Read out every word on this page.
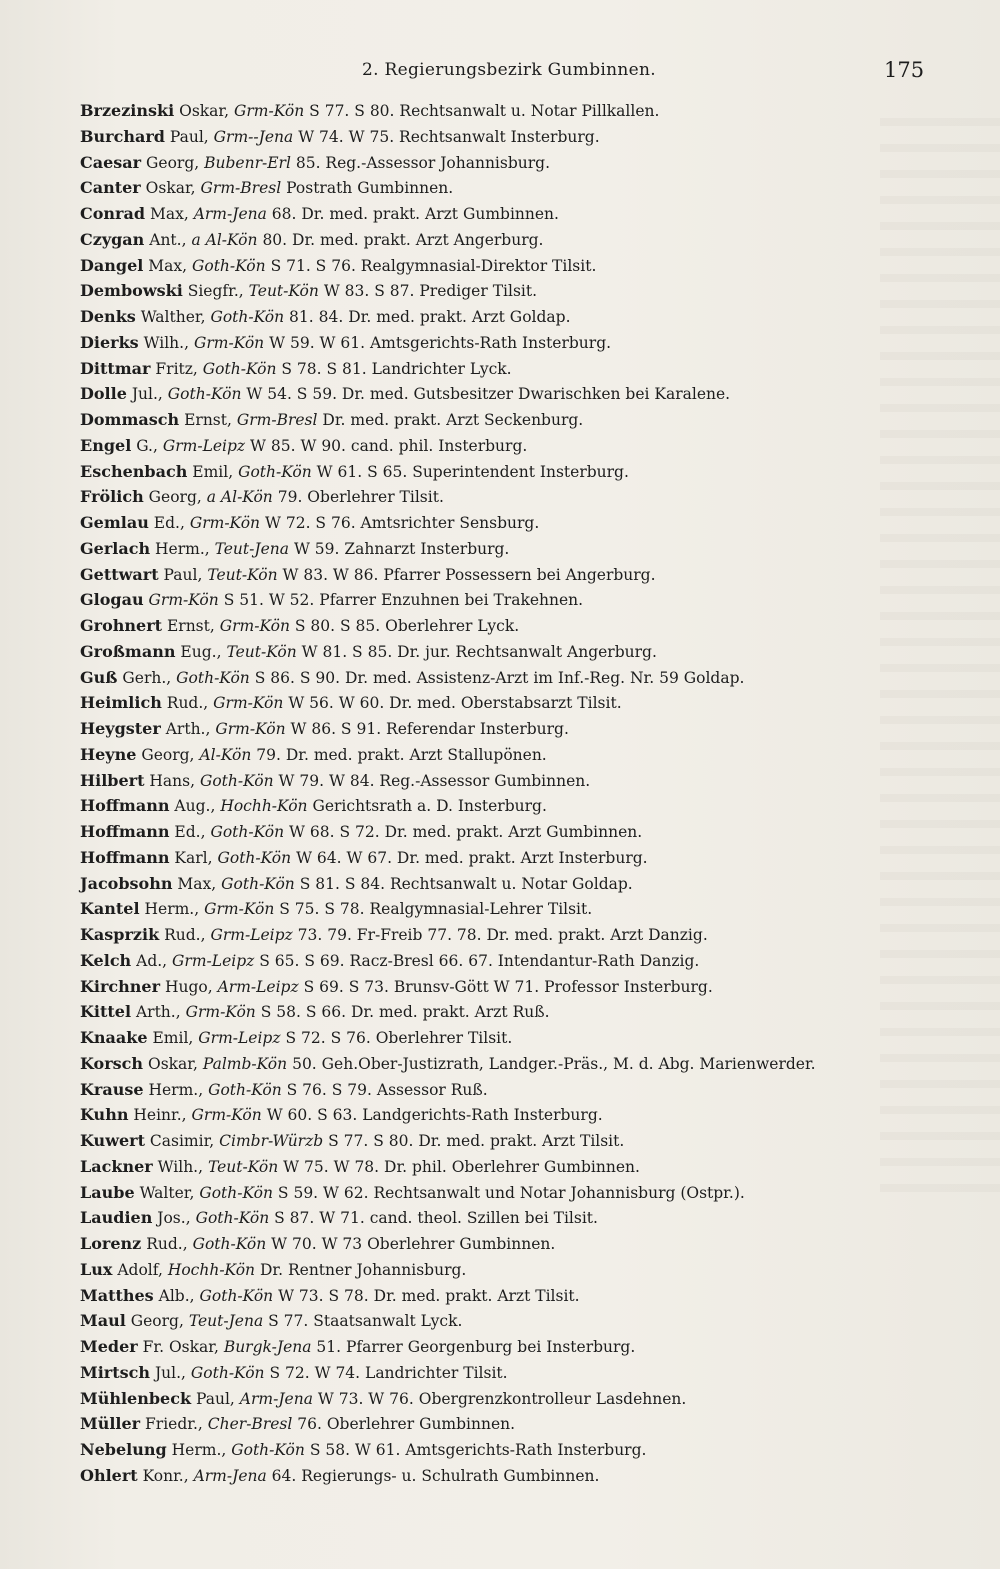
2. Regierungsbezirk Gumbinnen.	175
Brzezinski Oskar, Grm-Kön S 77. S 80. Rechtsanwalt u. Notar Pillkallen.
Burchard Paul, Grm--Jena W 74. W 75. Rechtsanwalt Insterburg.
Caesar Georg, Bubenr-Erl 85. Reg.-Assessor Johannisburg.
Canter Oskar, Grm-Bresl Postrath Gumbinnen.
Conrad Max, Arm-Jena 68. Dr. med. prakt. Arzt Gumbinnen.
Czygan Ant., a Al-Kön 80. Dr. med. prakt. Arzt Angerburg.
Dangel Max, Goth-Kön S 71. S 76. Realgymnasial-Direktor Tilsit.
Dembowski Siegfr., Teut-Kön W 83. S 87. Prediger Tilsit.
Denks Walther, Goth-Kön 81. 84. Dr. med. prakt. Arzt Goldap.
Dierks Wilh., Grm-Kön W 59. W 61. Amtsgerichts-Rath Insterburg.
Dittmar Fritz, Goth-Kön S 78. S 81. Landrichter Lyck.
Dolle Jul., Goth-Kön W 54. S 59. Dr. med. Gutsbesitzer Dwarischken bei Karalene.
Dommasch Ernst, Grm-Bresl Dr. med. prakt. Arzt Seckenburg.
Engel G., Grm-Leipz W 85. W 90. cand. phil. Insterburg.
Eschenbach Emil, Goth-Kön W 61. S 65. Superintendent Insterburg.
Frölich Georg, a Al-Kön 79. Oberlehrer Tilsit.
Gemlau Ed., Grm-Kön W 72. S 76. Amtsrichter Sensburg.
Gerlach Herm., Teut-Jena W 59. Zahnarzt Insterburg.
Gettwart Paul, Teut-Kön W 83. W 86. Pfarrer Possessern bei Angerburg.
Glogau Grm-Kön S 51. W 52. Pfarrer Enzuhnen bei Trakehnen.
Grohnert Ernst, Grm-Kön S 80. S 85. Oberlehrer Lyck.
Großmann Eug., Teut-Kön W 81. S 85. Dr. jur. Rechtsanwalt Angerburg.
Guß Gerh., Goth-Kön S 86. S 90. Dr. med. Assistenz-Arzt im Inf.-Reg. Nr. 59 Goldap.
Heimlich Rud., Grm-Kön W 56. W 60. Dr. med. Oberstabsarzt Tilsit.
Heygster Arth., Grm-Kön W 86. S 91. Referendar Insterburg.
Heyne Georg, Al-Kön 79. Dr. med. prakt. Arzt Stallupönen.
Hilbert Hans, Goth-Kön W 79. W 84. Reg.-Assessor Gumbinnen.
Hoffmann Aug., Hochh-Kön Gerichtsrath a. D. Insterburg.
Hoffmann Ed., Goth-Kön W 68. S 72. Dr. med. prakt. Arzt Gumbinnen.
Hoffmann Karl, Goth-Kön W 64. W 67. Dr. med. prakt. Arzt Insterburg.
Jacobsohn Max, Goth-Kön S 81. S 84. Rechtsanwalt u. Notar Goldap.
Kantel Herm., Grm-Kön S 75. S 78. Realgymnasial-Lehrer Tilsit.
Kasprzik Rud., Grm-Leipz 73. 79. Fr-Freib 77. 78. Dr. med. prakt. Arzt Danzig.
Kelch Ad., Grm-Leipz S 65. S 69. Racz-Bresl 66. 67. Intendantur-Rath Danzig.
Kirchner Hugo, Arm-Leipz S 69. S 73. Brunsv-Gött W 71. Professor Insterburg.
Kittel Arth., Grm-Kön S 58. S 66. Dr. med. prakt. Arzt Ruß.
Knaake Emil, Grm-Leipz S 72. S 76. Oberlehrer Tilsit.
Korsch Oskar, Palmb-Kön 50. Geh.Ober-Justizrath, Landger.-Präs., M. d. Abg. Marienwerder.
Krause Herm., Goth-Kön S 76. S 79. Assessor Ruß.
Kuhn Heinr., Grm-Kön W 60. S 63. Landgerichts-Rath Insterburg.
Kuwert Casimir, Cimbr-Würzb S 77. S 80. Dr. med. prakt. Arzt Tilsit.
Lackner Wilh., Teut-Kön W 75. W 78. Dr. phil. Oberlehrer Gumbinnen.
Laube Walter, Goth-Kön S 59. W 62. Rechtsanwalt und Notar Johannisburg (Ostpr.).
Laudien Jos., Goth-Kön S 87. W 71. cand. theol. Szillen bei Tilsit.
Lorenz Rud., Goth-Kön W 70. W 73 Oberlehrer Gumbinnen.
Lux Adolf, Hochh-Kön Dr. Rentner Johannisburg.
Matthes Alb., Goth-Kön W 73. S 78. Dr. med. prakt. Arzt Tilsit.
Maul Georg, Teut-Jena S 77. Staatsanwalt Lyck.
Meder Fr. Oskar, Burgk-Jena 51. Pfarrer Georgenburg bei Insterburg.
Mirtsch Jul., Goth-Kön S 72. W 74. Landrichter Tilsit.
Mühlenbeck Paul, Arm-Jena W 73. W 76. Obergrenzkontrolleur Lasdehnen.
Müller Friedr., Cher-Bresl 76. Oberlehrer Gumbinnen.
Nebelung Herm., Goth-Kön S 58. W 61. Amtsgerichts-Rath Insterburg.
Ohlert Konr., Arm-Jena 64. Regierungs- u. Schulrath Gumbinnen.
